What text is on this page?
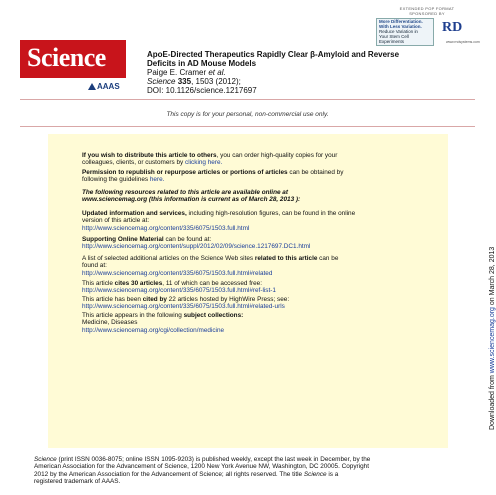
EXTENDED POP FORMAT
SPONSORED BY
More Differentiation.
With Less Variation.
Reduce Variation in
Your Stem Cell Experiments
RD
www.rndsystems.com
Science
AAAS
ApoE-Directed Therapeutics Rapidly Clear β-Amyloid and Reverse
Deficits in AD Mouse Models
Paige E. Cramer et al.
Science 335, 1503 (2012);
DOI: 10.1126/science.1217697
This copy is for your personal, non-commercial use only.
If you wish to distribute this article to others, you can order high-quality copies for your
colleagues, clients, or customers by clicking here.
Permission to republish or repurpose articles or portions of articles can be obtained by
following the guidelines here.
The following resources related to this article are available online at
www.sciencemag.org (this information is current as of March 28, 2013 ):
Updated information and services, including high-resolution figures, can be found in the online
version of this article at:
http://www.sciencemag.org/content/335/6075/1503.full.html
Supporting Online Material can be found at:
http://www.sciencemag.org/content/suppl/2012/02/09/science.1217697.DC1.html
A list of selected additional articles on the Science Web sites related to this article can be
found at:
http://www.sciencemag.org/content/335/6075/1503.full.html#related
This article cites 30 articles, 11 of which can be accessed free:
http://www.sciencemag.org/content/335/6075/1503.full.html#ref-list-1
This article has been cited by 22 articles hosted by HighWire Press; see:
http://www.sciencemag.org/content/335/6075/1503.full.html#related-urls
This article appears in the following subject collections:
Medicine, Diseases
http://www.sciencemag.org/cgi/collection/medicine
Downloaded from www.sciencemag.org on March 28, 2013
Science (print ISSN 0036-8075; online ISSN 1095-9203) is published weekly, except the last week in December, by the
American Association for the Advancement of Science, 1200 New York Avenue NW, Washington, DC 20005. Copyright
2012 by the American Association for the Advancement of Science; all rights reserved. The title Science is a
registered trademark of AAAS.
